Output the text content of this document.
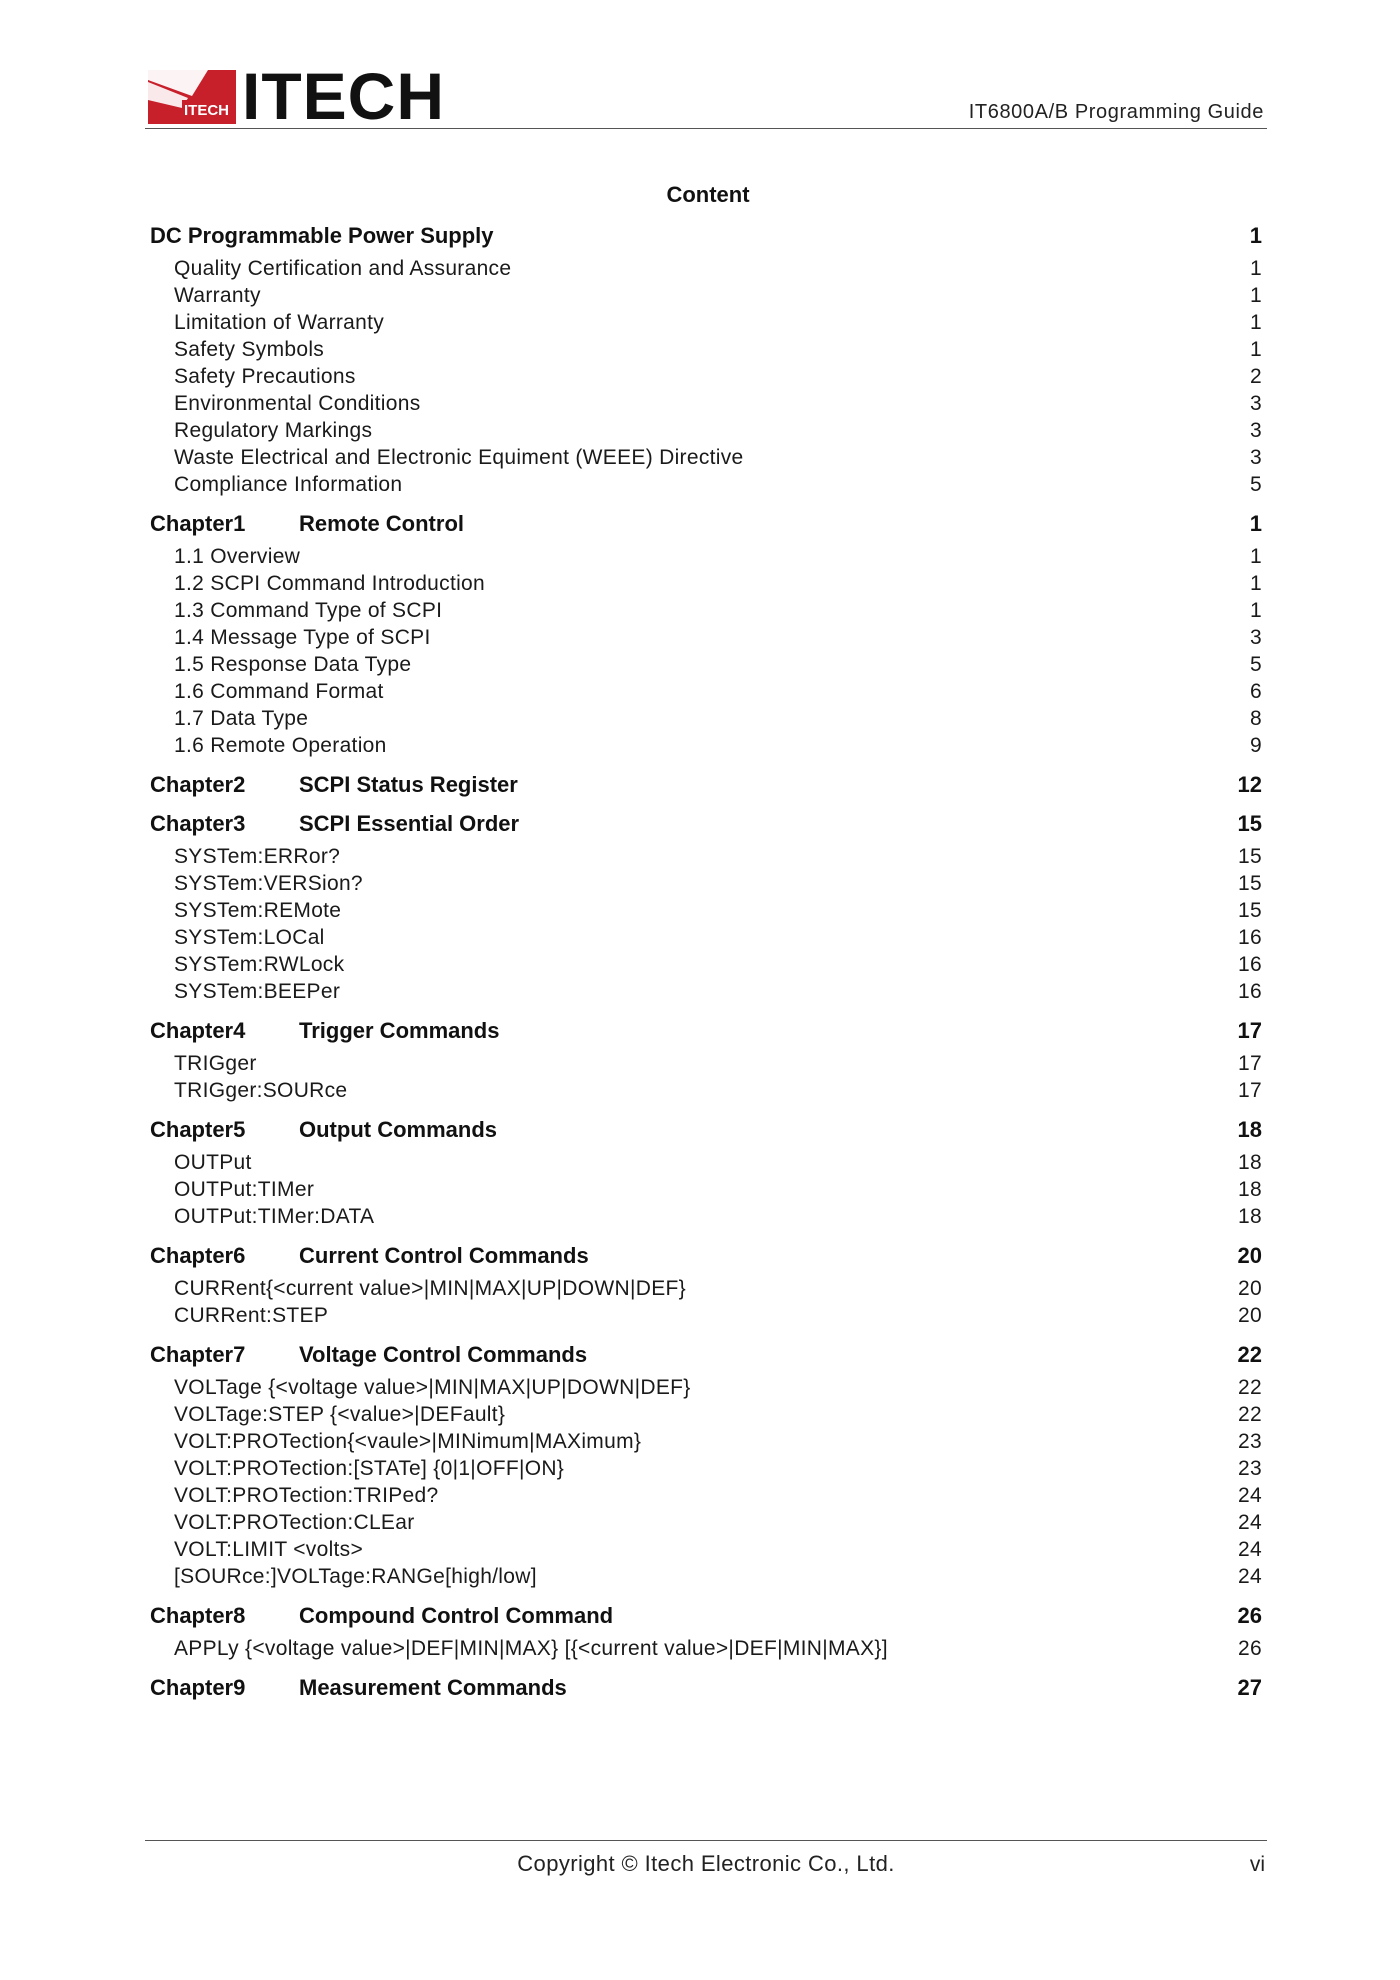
ITECH ITECH	IT6800A/B Programming Guide
Content
DC Programmable Power Supply	1
Quality Certification and Assurance	1
Warranty	1
Limitation of Warranty	1
Safety Symbols	1
Safety Precautions	2
Environmental Conditions	3
Regulatory Markings	3
Waste Electrical and Electronic Equiment (WEEE) Directive	3
Compliance Information	5
Chapter1	Remote Control	1
1.1 Overview	1
1.2 SCPI Command Introduction	1
1.3 Command Type of SCPI	1
1.4 Message Type of SCPI	3
1.5 Response Data Type	5
1.6 Command Format	6
1.7 Data Type	8
1.6 Remote Operation	9
Chapter2	SCPI Status Register	12
Chapter3	SCPI Essential Order	15
SYSTem:ERRor?	15
SYSTem:VERSion?	15
SYSTem:REMote	15
SYSTem:LOCal	16
SYSTem:RWLock	16
SYSTem:BEEPer	16
Chapter4	Trigger Commands	17
TRIGger	17
TRIGger:SOURce	17
Chapter5	Output Commands	18
OUTPut	18
OUTPut:TIMer	18
OUTPut:TIMer:DATA	18
Chapter6	Current Control Commands	20
CURRent{<current value>|MIN|MAX|UP|DOWN|DEF}	20
CURRent:STEP	20
Chapter7	Voltage Control Commands	22
VOLTage {<voltage value>|MIN|MAX|UP|DOWN|DEF}	22
VOLTage:STEP {<value>|DEFault}	22
VOLT:PROTection{<vaule>|MINimum|MAXimum}	23
VOLT:PROTection:[STATe] {0|1|OFF|ON}	23
VOLT:PROTection:TRIPed?	24
VOLT:PROTection:CLEar	24
VOLT:LIMIT <volts>	24
[SOURce:]VOLTage:RANGe[high/low]	24
Chapter8	Compound Control Command	26
APPLy {<voltage value>|DEF|MIN|MAX} [{<current value>|DEF|MIN|MAX}]	26
Chapter9	Measurement Commands	27
Copyright © Itech Electronic Co., Ltd.	vi
